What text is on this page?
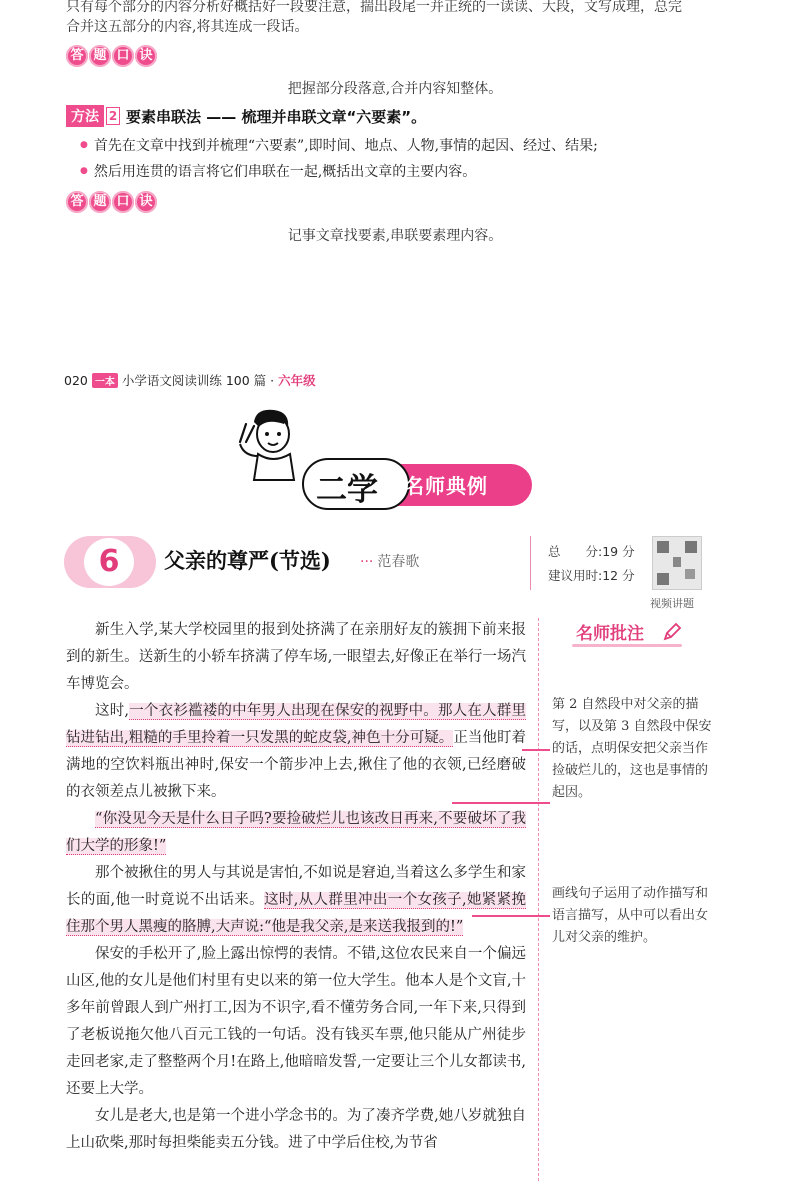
只有每个部分的内容分析好概括好一段要注意，揣出段尾一并正统的一读读、大段，文写成理，总完
合并这五部分的内容,将其连成一段话。
答 题 口 诀
把握部分段落意,合并内容知整体。
方法 2 要素串联法 —— 梳理并串联文章“六要素”。
● 首先在文章中找到并梳理“六要素”,即时间、地点、人物,事情的起因、经过、结果;
● 然后用连贯的语言将它们串联在一起,概括出文章的主要内容。
答 题 口 诀
记事文章找要素,串联要素理内容。
020 一本 小学语文阅读训练 100 篇 · 六年级
二学 名师典例
6	父亲的尊严(节选) ··· 范春歌
总　　分:19 分
建议用时:12 分
视频讲题
名师批注
第 2 自然段中对父亲的描写，以及第 3 自然段中保安的话，点明保安把父亲当作捡破烂儿的，这也是事情的起因。
画线句子运用了动作描写和语言描写，从中可以看出女儿对父亲的维护。

新生入学,某大学校园里的报到处挤满了在亲朋好友的簇拥下前来报到的新生。送新生的小轿车挤满了停车场,一眼望去,好像正在举行一场汽车博览会。

这时,一个衣衫褴褛的中年男人出现在保安的视野中。那人在人群里钻进钻出,粗糙的手里拎着一只发黑的蛇皮袋,神色十分可疑。正当他盯着满地的空饮料瓶出神时,保安一个箭步冲上去,揪住了他的衣领,已经磨破的衣领差点儿被揪下来。

“你没见今天是什么日子吗?要捡破烂儿也该改日再来,不要破坏了我们大学的形象!”

那个被揪住的男人与其说是害怕,不如说是窘迫,当着这么多学生和家长的面,他一时竟说不出话来。这时,从人群里冲出一个女孩子,她紧紧挽住那个男人黑瘦的胳膊,大声说:“他是我父亲,是来送我报到的!”

保安的手松开了,脸上露出惊愕的表情。不错,这位农民来自一个偏远山区,他的女儿是他们村里有史以来的第一位大学生。他本人是个文盲,十多年前曾跟人到广州打工,因为不识字,看不懂劳务合同,一年下来,只得到了老板说拖欠他八百元工钱的一句话。没有钱买车票,他只能从广州徒步走回老家,走了整整两个月!在路上,他暗暗发誓,一定要让三个儿女都读书,还要上大学。

女儿是老大,也是第一个进小学念书的。为了凑齐学费,她八岁就独自上山砍柴,那时每担柴能卖五分钱。进了中学后住校,为节省
